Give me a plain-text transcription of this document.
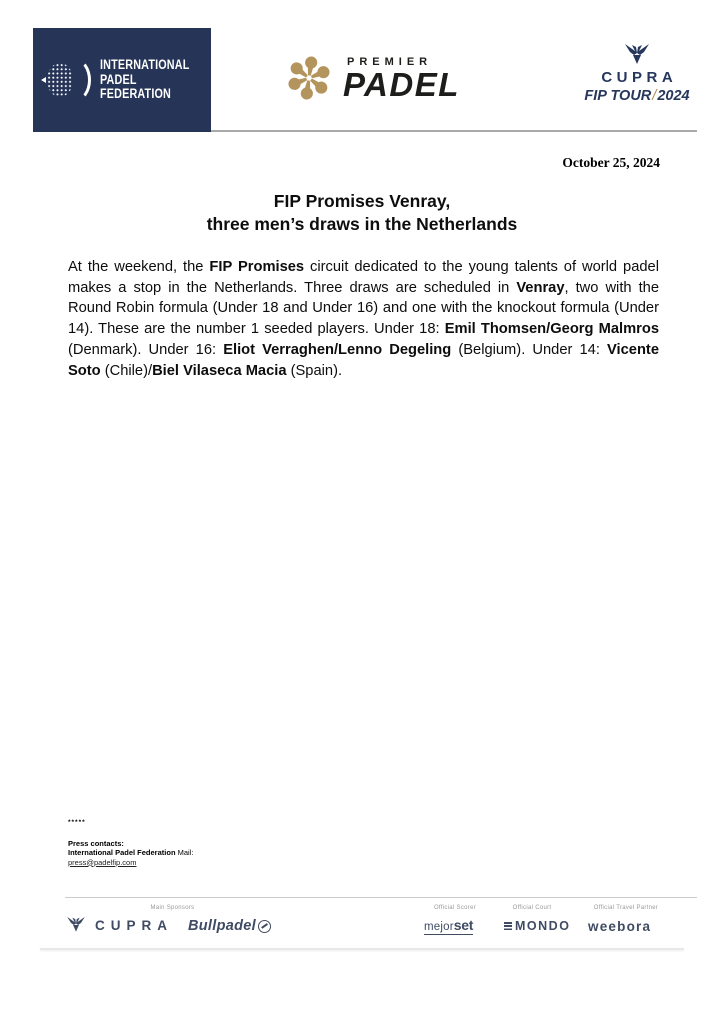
INTERNATIONAL
PADEL
FEDERATION
PREMIER
PADEL	CUPRA
FIP TOUR/2024
October 25, 2024
FIP Promises Venray,
three men’s draws in the Netherlands

At the weekend, the FIP Promises circuit dedicated to the young talents of world padel makes a stop in the Netherlands. Three draws are scheduled in Venray, two with the Round Robin formula (Under 18 and Under 16) and one with the knockout formula (Under 14). These are the number 1 seeded players. Under 18: Emil Thomsen/Georg Malmros (Denmark). Under 16: Eliot Verraghen/Lenno Degeling (Belgium). Under 14: Vicente Soto (Chile)/Biel Vilaseca Macia (Spain).

*****
Press contacts:
International Padel Federation Mail:
press@padelfip.com
Main Sponsors	Official Scorer	Official Court	Official Travel Partner
CUPRA Bullpadel	mejor set	MONDO weebora
